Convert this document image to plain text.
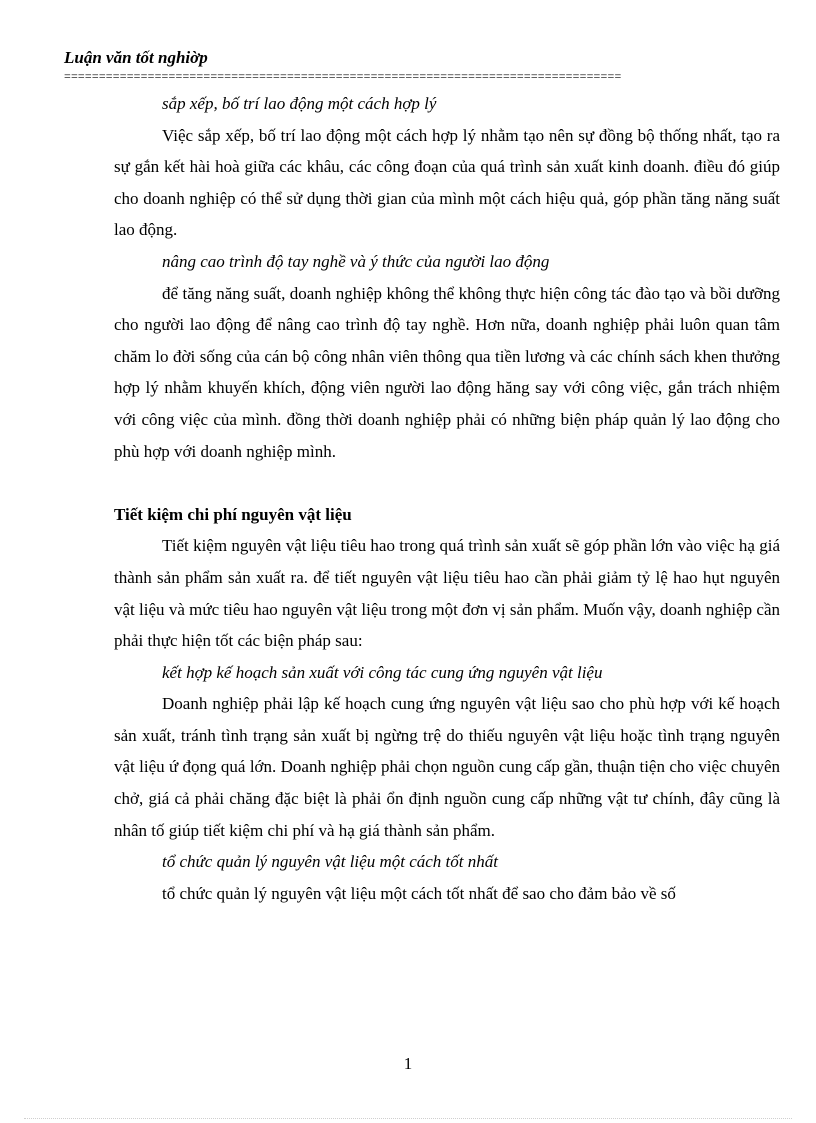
Luận văn tốt nghiờp
================================================================================

sắp xếp, bố trí lao động một cách hợp lý

Việc sắp xếp, bố trí lao động một cách hợp lý nhằm tạo nên sự đồng bộ thống nhất, tạo ra sự gắn kết hài hoà giữa các khâu, các công đoạn của quá trình sản xuất kinh doanh. điều đó giúp cho doanh nghiệp có thể sử dụng thời gian của mình một cách hiệu quả, góp phần tăng năng suất lao động.

nâng cao trình độ tay nghề và ý thức của người lao động

để tăng năng suất, doanh nghiệp không thể không thực hiện công tác đào tạo và bồi dưỡng cho người lao động để nâng cao trình độ tay nghề. Hơn nữa, doanh nghiệp phải luôn quan tâm chăm lo đời sống của cán bộ công nhân viên thông qua tiền lương và các chính sách khen thưởng hợp lý nhằm khuyến khích, động viên người lao động hăng say với công việc, gắn trách nhiệm với công việc của mình. đồng thời doanh nghiệp phải có những biện pháp quản lý lao động cho phù hợp với doanh nghiệp mình.

Tiết kiệm chi phí nguyên vật liệu

Tiết kiệm nguyên vật liệu tiêu hao trong quá trình sản xuất sẽ góp phần lớn vào việc hạ giá thành sản phẩm sản xuất ra. để tiết nguyên vật liệu tiêu hao cần phải giảm tỷ lệ hao hụt nguyên vật liệu và mức tiêu hao nguyên vật liệu trong một đơn vị sản phẩm. Muốn vậy, doanh nghiệp cần phải thực hiện tốt các biện pháp sau:

kết hợp kế hoạch sản xuất với công tác cung ứng nguyên vật liệu

Doanh nghiệp phải lập kế hoạch cung ứng nguyên vật liệu sao cho phù hợp với kế hoạch sản xuất, tránh tình trạng sản xuất bị ngừng trệ do thiếu nguyên vật liệu hoặc tình trạng nguyên vật liệu ứ đọng quá lớn. Doanh nghiệp phải chọn nguồn cung cấp gần, thuận tiện cho việc chuyên chở, giá cả phải chăng đặc biệt là phải ổn định nguồn cung cấp những vật tư chính, đây cũng là nhân tố giúp tiết kiệm chi phí và hạ giá thành sản phẩm.

tổ chức quản lý nguyên vật liệu một cách tốt nhất

tổ chức quản lý nguyên vật liệu một cách tốt nhất để sao cho đảm bảo về số

1
